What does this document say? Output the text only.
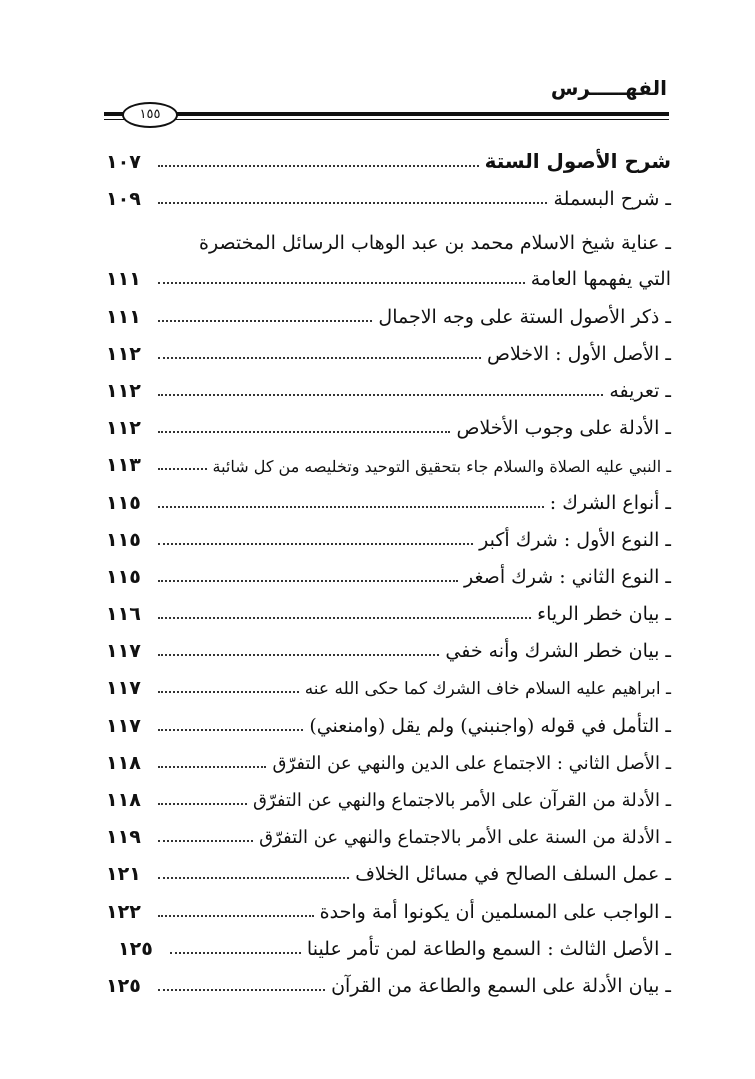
الفهـــــرس
١٥٥
شرح الأصول الستة
١٠٧
ـ شرح البسملة
١٠٩
ـ عناية شيخ الاسلام محمد بن عبد الوهاب الرسائل المختصرة
التي يفهمها العامة
١١١
ـ ذكر الأصول الستة على وجه الاجمال
١١١
ـ الأصل الأول : الاخلاص
١١٢
ـ تعريفه
١١٢
ـ الأدلة على وجوب الأخلاص
١١٢
ـ النبي عليه الصلاة والسلام جاء بتحقيق التوحيد وتخليصه من كل شائبة
١١٣
ـ أنواع الشرك :
١١٥
ـ النوع الأول : شرك أكبر
١١٥
ـ النوع الثاني : شرك أصغر
١١٥
ـ بيان خطر الرياء
١١٦
ـ بيان خطر الشرك وأنه خفي
١١٧
ـ ابراهيم عليه السلام خاف الشرك كما حكى الله عنه
١١٧
ـ التأمل في قوله (واجنبني) ولم يقل (وامنعني)
١١٧
ـ الأصل الثاني : الاجتماع على الدين والنهي عن التفرّق
١١٨
ـ الأدلة من القرآن على الأمر بالاجتماع والنهي عن التفرّق
١١٨
ـ الأدلة من السنة على الأمر بالاجتماع والنهي عن التفرّق
١١٩
ـ عمل السلف الصالح في مسائل الخلاف
١٢١
ـ الواجب على المسلمين أن يكونوا أمة واحدة
١٢٢
ـ الأصل الثالث : السمع والطاعة لمن تأمر علينا
١٢٥
ـ بيان الأدلة على السمع والطاعة من القرآن
١٢٥
